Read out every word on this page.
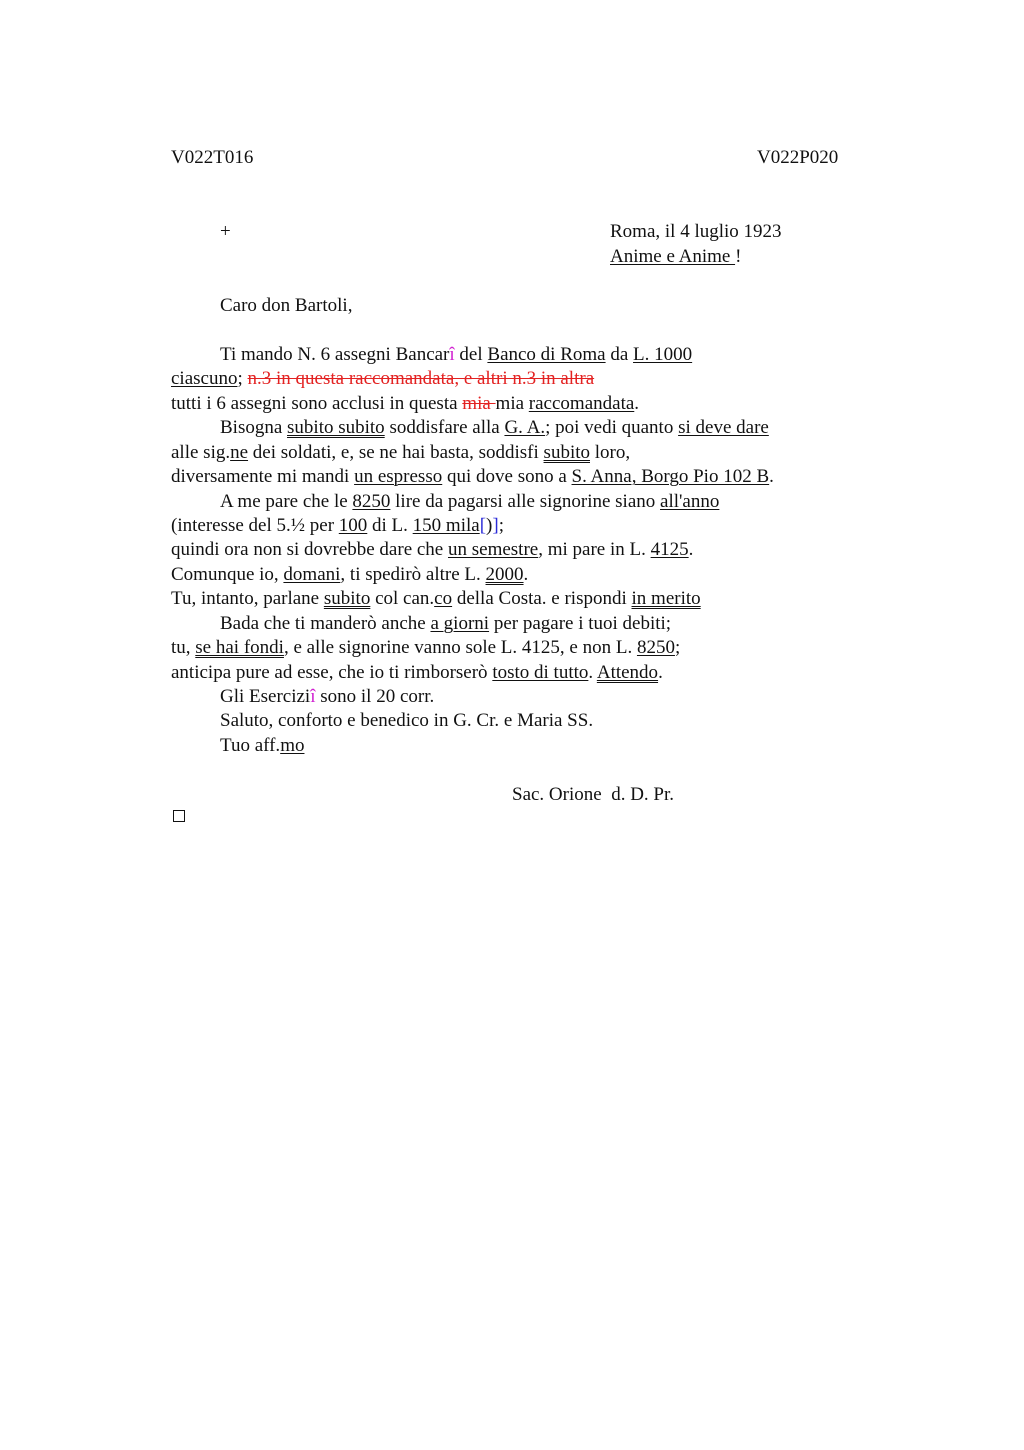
V022T016	V022P020
+	Roma, il 4 luglio 1923
Anime e Anime !
Caro don Bartoli,
Ti mando N. 6 assegni Bancarî del Banco di Roma da L. 1000
ciascuno; n.3 in questa raccomandata, e altri n.3 in altra
tutti i 6 assegni sono acclusi in questa mia mia raccomandata.
Bisogna subito subito soddisfare alla G. A.; poi vedi quanto si deve dare
alle sig.ne dei soldati, e, se ne hai basta, soddisfi subito loro,
diversamente mi mandi un espresso qui dove sono a S. Anna, Borgo Pio 102 B.
A me pare che le 8250 lire da pagarsi alle signorine siano all'anno
(interesse del 5.½ per 100 di L. 150 mila[)];
quindi ora non si dovrebbe dare che un semestre, mi pare in L. 4125.
Comunque io, domani, ti spedirò altre L. 2000.
Tu, intanto, parlane subito col can.co della Costa. e rispondi in merito
Bada che ti manderò anche a giorni per pagare i tuoi debiti;
tu, se hai fondi, e alle signorine vanno sole L. 4125, e non L. 8250;
anticipa pure ad esse, che io ti rimborserò tosto di tutto. Attendo.
Gli Eserciziî sono il 20 corr.
Saluto, conforto e benedico in G. Cr. e Maria SS.
Tuo aff.mo
Sac. Orione  d. D. Pr.
